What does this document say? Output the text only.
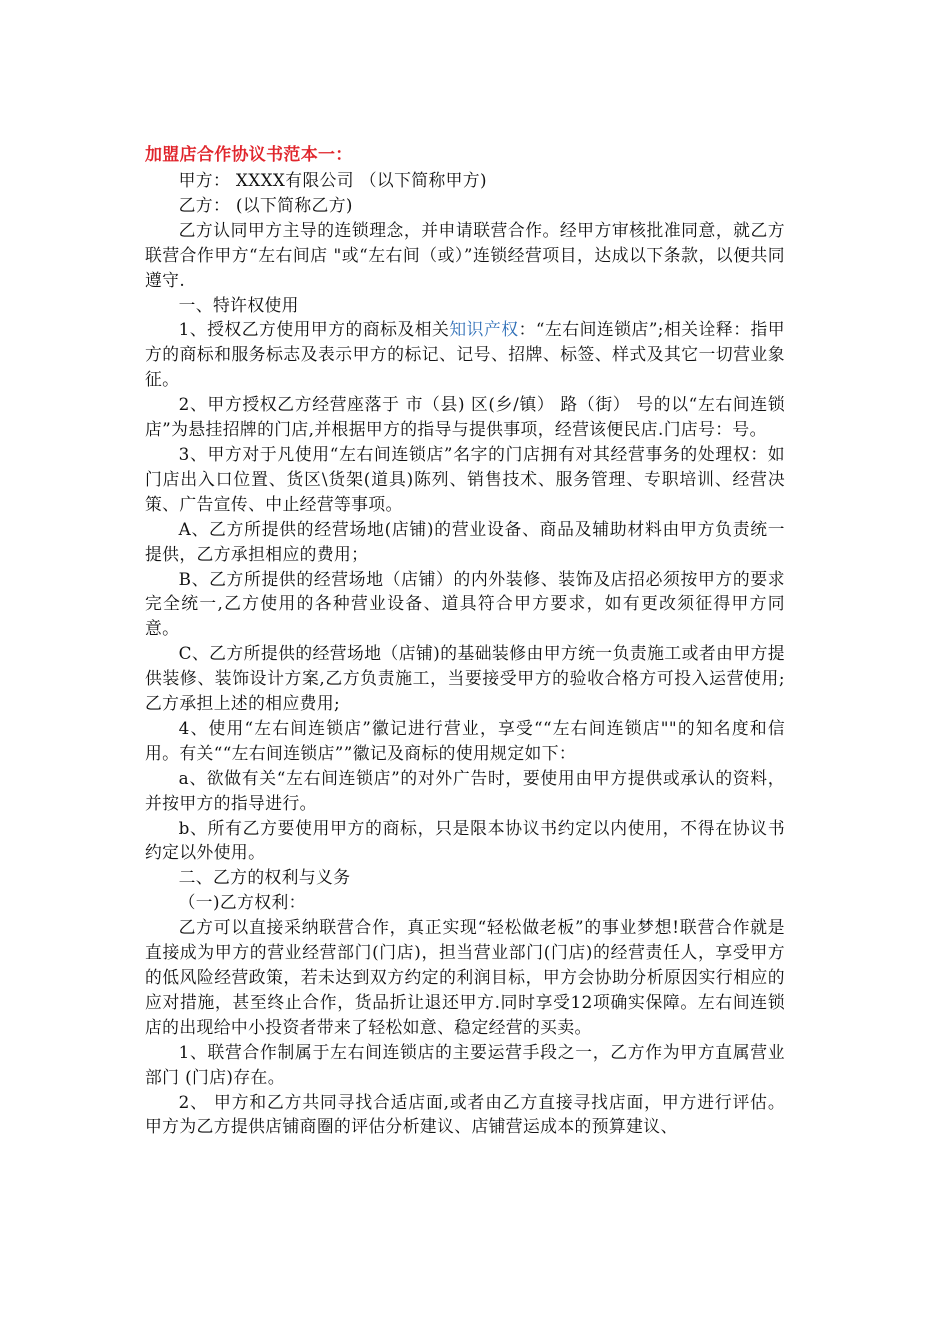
加盟店合作协议书范本一：

甲方： XXXX有限公司 （以下简称甲方)

乙方： (以下简称乙方)

乙方认同甲方主导的连锁理念，并申请联营合作。经甲方审核批准同意，就乙方联营合作甲方“左右间店 "或“左右间（或）”连锁经营项目，达成以下条款，以便共同遵守.

一、特许权使用

1、授权乙方使用甲方的商标及相关知识产权：“左右间连锁店”;相关诠释：指甲方的商标和服务标志及表示甲方的标记、记号、招牌、标签、样式及其它一切营业象征。

2、甲方授权乙方经营座落于 市（县) 区(乡/镇） 路（街） 号的以“左右间连锁店”为悬挂招牌的门店,并根据甲方的指导与提供事项，经营该便民店.门店号：号。

3、甲方对于凡使用“左右间连锁店”名字的门店拥有对其经营事务的处理权：如门店出入口位置、货区\货架(道具)陈列、销售技术、服务管理、专职培训、经营决策、广告宣传、中止经营等事项。

A、乙方所提供的经营场地(店铺)的营业设备、商品及辅助材料由甲方负责统一提供，乙方承担相应的费用；

B、乙方所提供的经营场地（店铺）的内外装修、装饰及店招必须按甲方的要求完全统一,乙方使用的各种营业设备、道具符合甲方要求，如有更改须征得甲方同意。

C、乙方所提供的经营场地（店铺)的基础装修由甲方统一负责施工或者由甲方提供装修、装饰设计方案,乙方负责施工，当要接受甲方的验收合格方可投入运营使用;乙方承担上述的相应费用;

4、使用“左右间连锁店”徽记进行营业，享受““左右间连锁店""的知名度和信用。有关““左右间连锁店””徽记及商标的使用规定如下：

a、欲做有关“左右间连锁店”的对外广告时，要使用由甲方提供或承认的资料，并按甲方的指导进行。

b、所有乙方要使用甲方的商标，只是限本协议书约定以内使用，不得在协议书约定以外使用。

二、乙方的权利与义务

（一)乙方权利：

乙方可以直接采纳联营合作，真正实现“轻松做老板”的事业梦想!联营合作就是直接成为甲方的营业经营部门(门店)，担当营业部门(门店)的经营责任人，享受甲方的低风险经营政策，若未达到双方约定的利润目标，甲方会协助分析原因实行相应的应对措施，甚至终止合作，货品折让退还甲方.同时享受12项确实保障。左右间连锁店的出现给中小投资者带来了轻松如意、稳定经营的买卖。

1、联营合作制属于左右间连锁店的主要运营手段之一，乙方作为甲方直属营业部门 (门店)存在。

2、 甲方和乙方共同寻找合适店面,或者由乙方直接寻找店面，甲方进行评估。甲方为乙方提供店铺商圈的评估分析建议、店铺营运成本的预算建议、
